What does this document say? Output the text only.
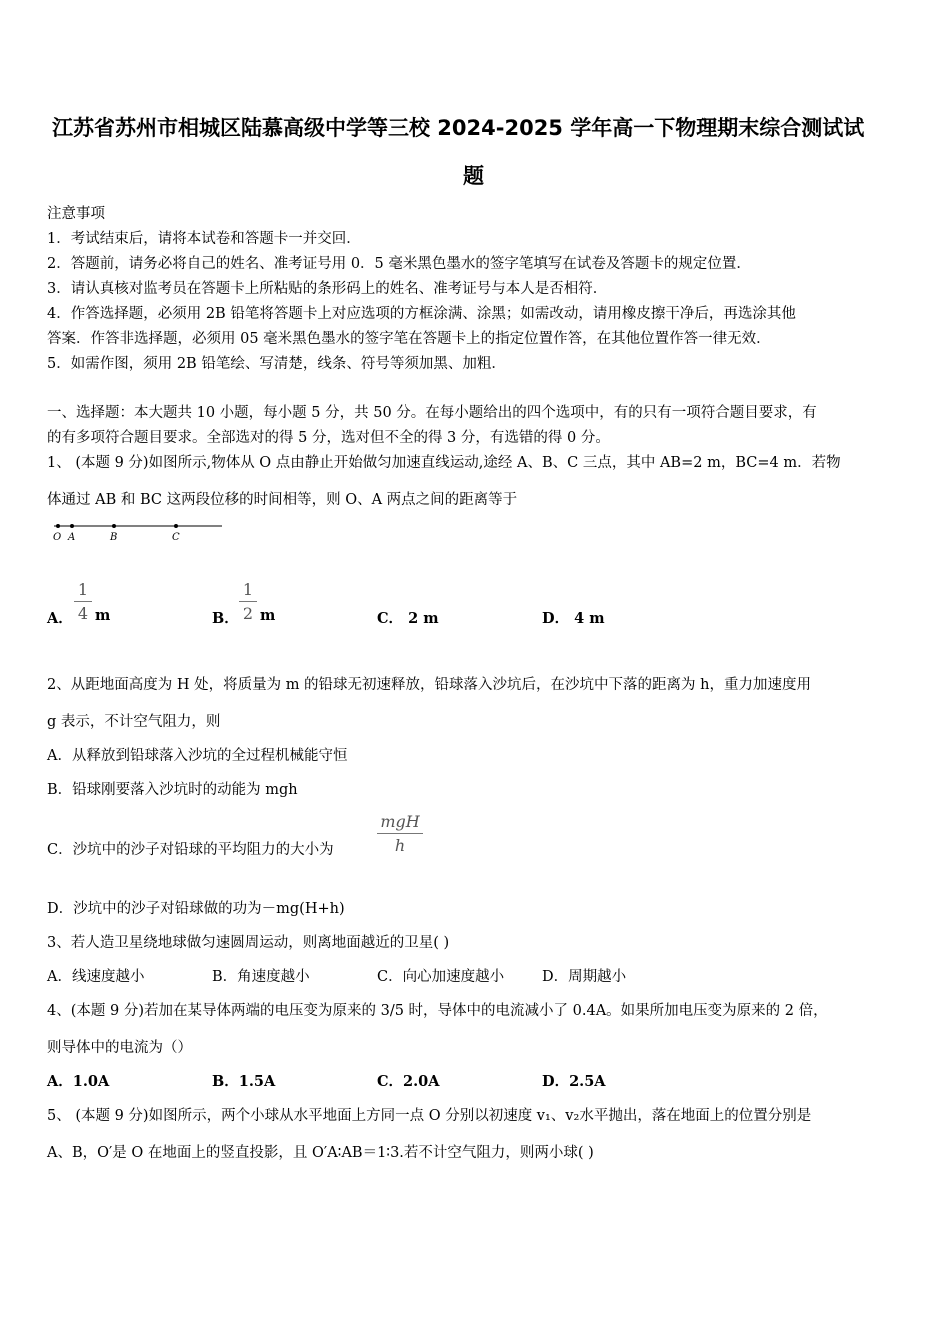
江苏省苏州市相城区陆慕高级中学等三校 2024-2025 学年高一下物理期末综合测试试
题
注意事项
1．考试结束后，请将本试卷和答题卡一并交回．
2．答题前，请务必将自己的姓名、准考证号用 0．5 毫米黑色墨水的签字笔填写在试卷及答题卡的规定位置．
3．请认真核对监考员在答题卡上所粘贴的条形码上的姓名、准考证号与本人是否相符．
4．作答选择题，必须用 2B 铅笔将答题卡上对应选项的方框涂满、涂黑；如需改动，请用橡皮擦干净后，再选涂其他
答案．作答非选择题，必须用 05 毫米黑色墨水的签字笔在答题卡上的指定位置作答，在其他位置作答一律无效．
5．如需作图，须用 2B 铅笔绘、写清楚，线条、符号等须加黑、加粗．
一、选择题：本大题共 10 小题，每小题 5 分，共 50 分。在每小题给出的四个选项中，有的只有一项符合题目要求，有
的有多项符合题目要求。全部选对的得 5 分，选对但不全的得 3 分，有选错的得 0 分。
1、 (本题 9 分)如图所示,物体从 O 点由静止开始做匀加速直线运动,途经 A、B、C 三点，其中 AB=2 m，BC=4 m．若物
体通过 AB 和 BC 这两段位移的时间相等，则 O、A 两点之间的距离等于
O A	B	C
A．
1
4 m	B．
1
2 m	C． 2 m	D． 4 m
2、从距地面高度为 H 处，将质量为 m 的铅球无初速释放，铅球落入沙坑后，在沙坑中下落的距离为 h，重力加速度用
g 表示，不计空气阻力，则
A．从释放到铅球落入沙坑的全过程机械能守恒
B．铅球刚要落入沙坑时的动能为 mgh
C．沙坑中的沙子对铅球的平均阻力的大小为
mgH
h
D．沙坑中的沙子对铅球做的功为－mg(H+h)
3、若人造卫星绕地球做匀速圆周运动，则离地面越近的卫星( )
A．线速度越小	B．角速度越小	C．向心加速度越小	D．周期越小
4、(本题 9 分)若加在某导体两端的电压变为原来的 3/5 时，导体中的电流减小了 0.4A。如果所加电压变为原来的 2 倍，
则导体中的电流为（）
A．1.0A	B．1.5A	C．2.0A	D．2.5A
5、 (本题 9 分)如图所示，两个小球从水平地面上方同一点 O 分别以初速度 v₁、v₂水平抛出，落在地面上的位置分别是
A、B，O′是 O 在地面上的竖直投影，且 O′A∶AB＝1∶3.若不计空气阻力，则两小球( )
